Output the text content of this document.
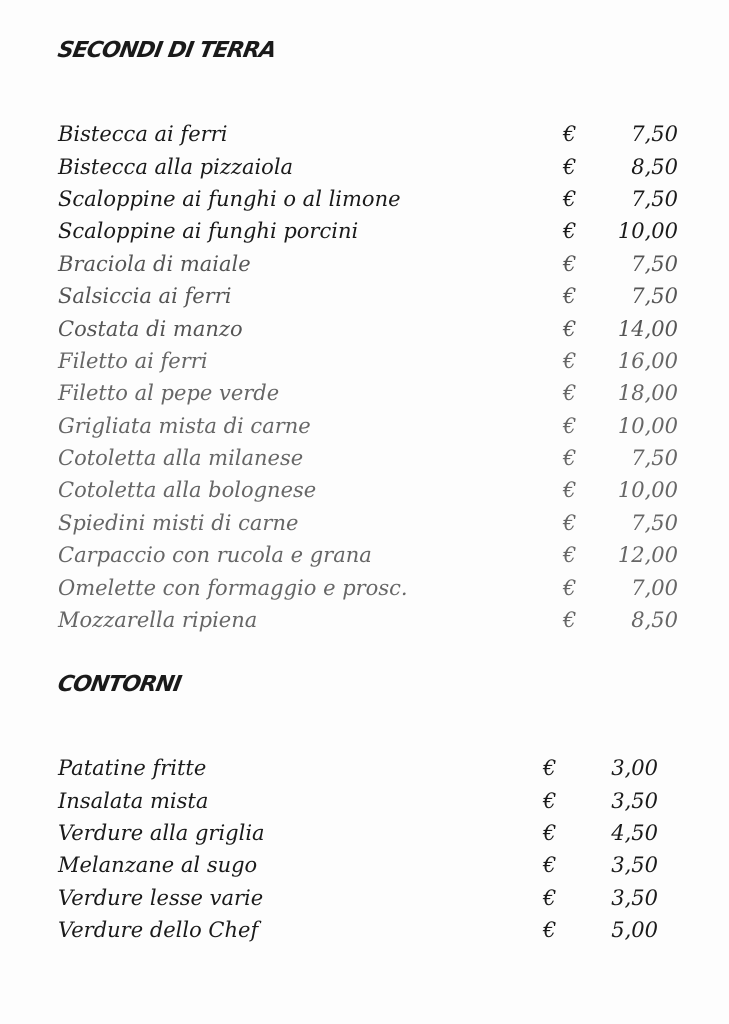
SECONDI DI TERRA
Bistecca ai ferri	€	7,50
Bistecca alla pizzaiola	€	8,50
Scaloppine ai funghi o al limone	€	7,50
Scaloppine ai funghi porcini	€ 10,00
Braciola di maiale	€	7,50
Salsiccia ai ferri	€	7,50
Costata di manzo	€ 14,00
Filetto ai ferri	€ 16,00
Filetto al pepe verde	€ 18,00
Grigliata mista di carne	€ 10,00
Cotoletta alla milanese	€	7,50
Cotoletta alla bolognese	€ 10,00
Spiedini misti di carne	€	7,50
Carpaccio con rucola e grana	€ 12,00
Omelette con formaggio e prosc.	€	7,00
Mozzarella ripiena	€	8,50
CONTORNI
Patatine fritte	€	3,00
Insalata mista	€	3,50
Verdure alla griglia	€	4,50
Melanzane al sugo	€	3,50
Verdure lesse varie	€	3,50
Verdure dello Chef	€	5,00
